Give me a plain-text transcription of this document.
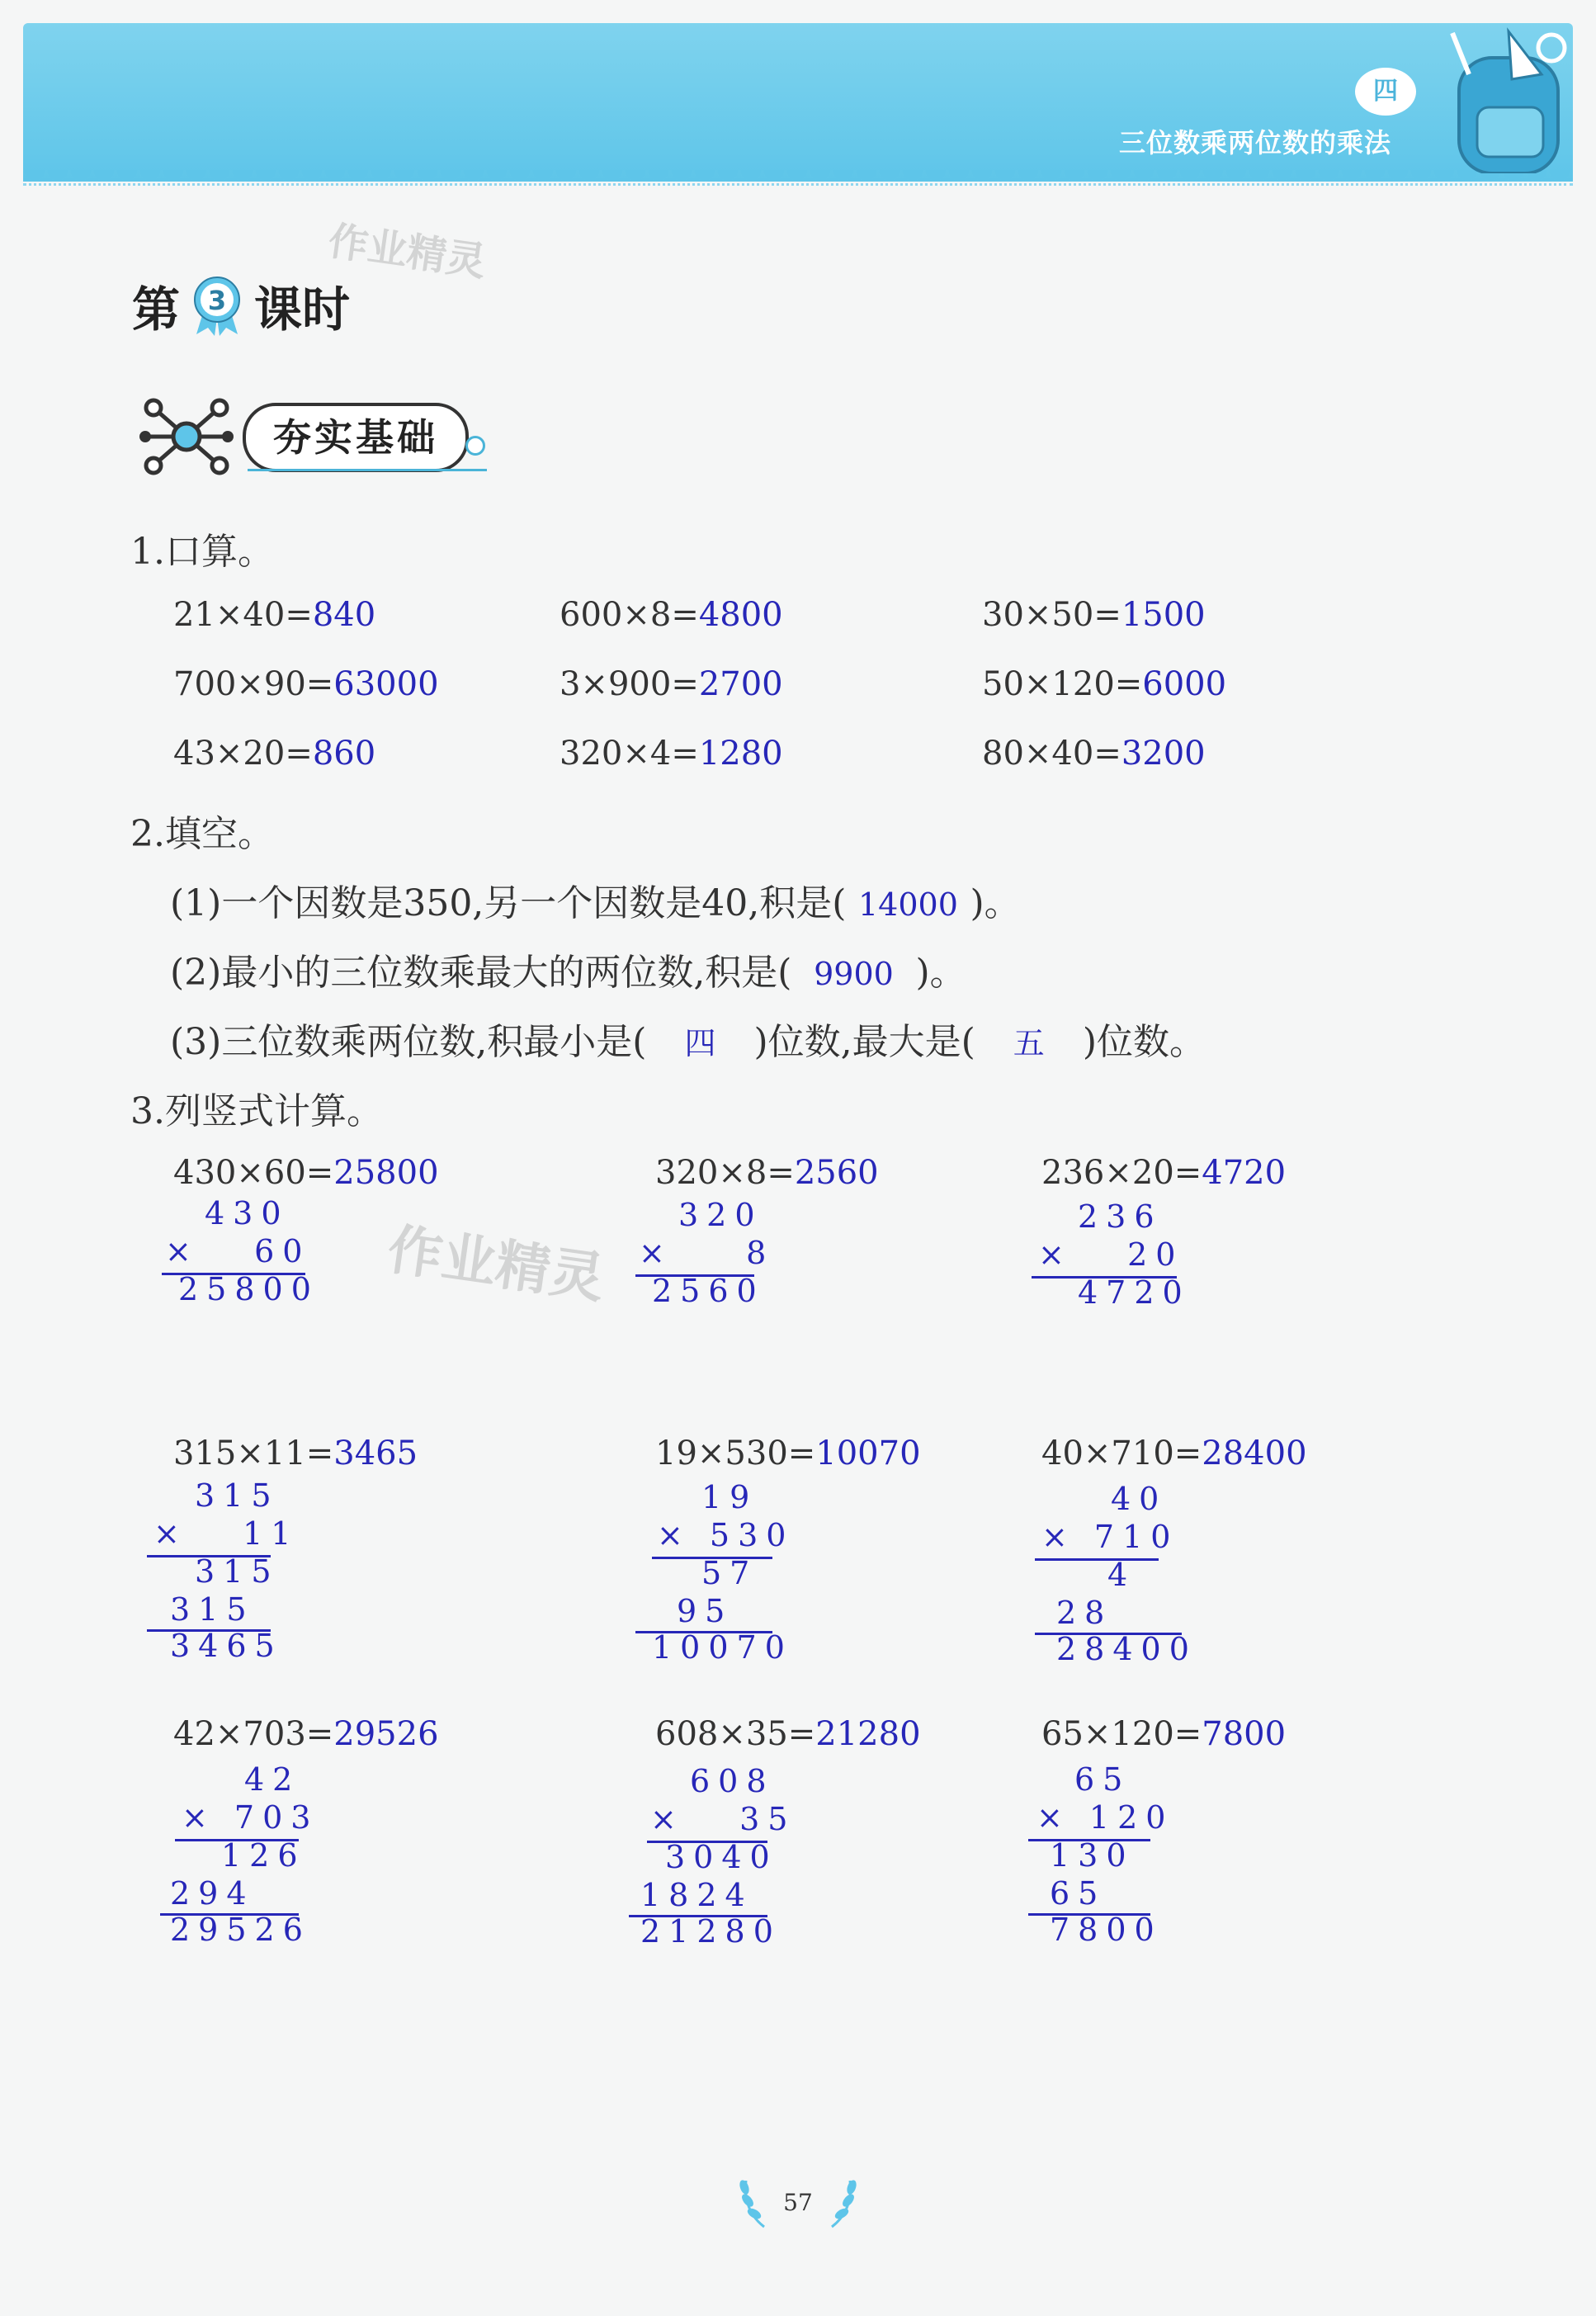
四
三位数乘两位数的乘法
第 3 课时
作业精灵
夯实基础
1.口算。
21×40=840	600×8=4800	30×50=1500
700×90=63000	3×900=2700	50×120=6000
43×20=860	320×4=1280	80×40=3200
2.填空。
(1)一个因数是350,另一个因数是40,积是( 14000 )。
(2)最小的三位数乘最大的两位数,积是( 9900 )。
(3)三位数乘两位数,积最小是( 四 )位数,最大是( 五 )位数。
3.列竖式计算。
作业精灵
430×60=25800
430
×   60
25800
320×8=2560
320
×    8
2560
236×20=4720
236
×   20
4720
315×11=3465
315
×   11
315
315
3465
19×530=10070
19
× 530
57
95
10070
40×710=28400
40
× 710
4
28
28400
42×703=29526
42
× 703
126
294
29526
608×35=21280
608
×   35
3040
1824
21280
65×120=7800
65
× 120
130
65
7800
57
